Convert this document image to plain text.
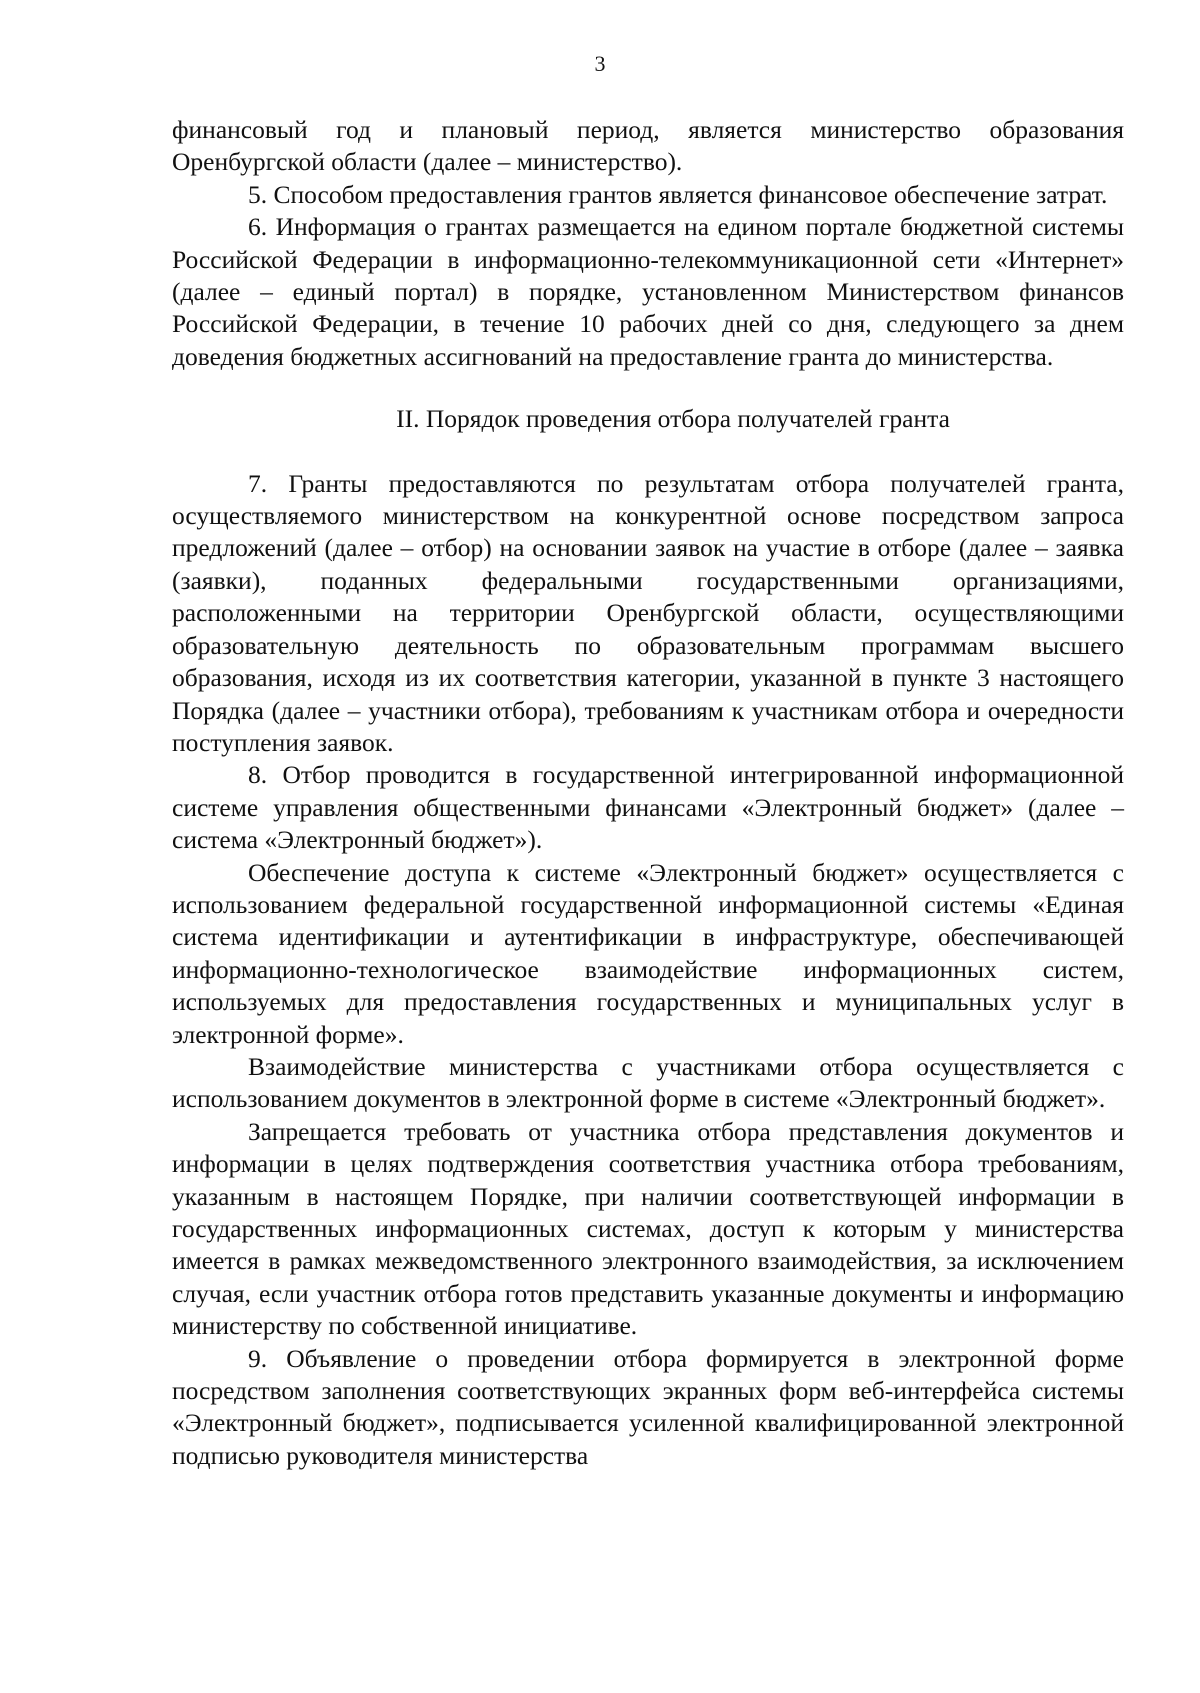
3

финансовый год и плановый период, является министерство образования Оренбургской области (далее – министерство).

5. Способом предоставления грантов является финансовое обеспечение затрат.

6. Информация о грантах размещается на едином портале бюджетной системы Российской Федерации в информационно-телекоммуникационной сети «Интернет» (далее – единый портал) в порядке, установленном Министерством финансов Российской Федерации, в течение 10 рабочих дней со дня, следующего за днем доведения бюджетных ассигнований на предоставление гранта до министерства.

II. Порядок проведения отбора получателей гранта

7. Гранты предоставляются по результатам отбора получателей гранта, осуществляемого министерством на конкурентной основе посредством запроса предложений (далее – отбор) на основании заявок на участие в отборе (далее – заявка (заявки), поданных федеральными государственными организациями, расположенными на территории Оренбургской области, осуществляющими образовательную деятельность по образовательным программам высшего образования, исходя из их соответствия категории, указанной в пункте 3 настоящего Порядка (далее – участники отбора), требованиям к участникам отбора и очередности поступления заявок.

8. Отбор проводится в государственной интегрированной информационной системе управления общественными финансами «Электронный бюджет» (далее – система «Электронный бюджет»).

Обеспечение доступа к системе «Электронный бюджет» осуществляется с использованием федеральной государственной информационной системы «Единая система идентификации и аутентификации в инфраструктуре, обеспечивающей информационно-технологическое взаимодействие информационных систем, используемых для предоставления государственных и муниципальных услуг в электронной форме».

Взаимодействие министерства с участниками отбора осуществляется с использованием документов в электронной форме в системе «Электронный бюджет».

Запрещается требовать от участника отбора представления документов и информации в целях подтверждения соответствия участника отбора требованиям, указанным в настоящем Порядке, при наличии соответствующей информации в государственных информационных системах, доступ к которым у министерства имеется в рамках межведомственного электронного взаимодействия, за исключением случая, если участник отбора готов представить указанные документы и информацию министерству по собственной инициативе.

9. Объявление о проведении отбора формируется в электронной форме посредством заполнения соответствующих экранных форм веб-интерфейса системы «Электронный бюджет», подписывается усиленной квалифицированной электронной подписью руководителя министерства
